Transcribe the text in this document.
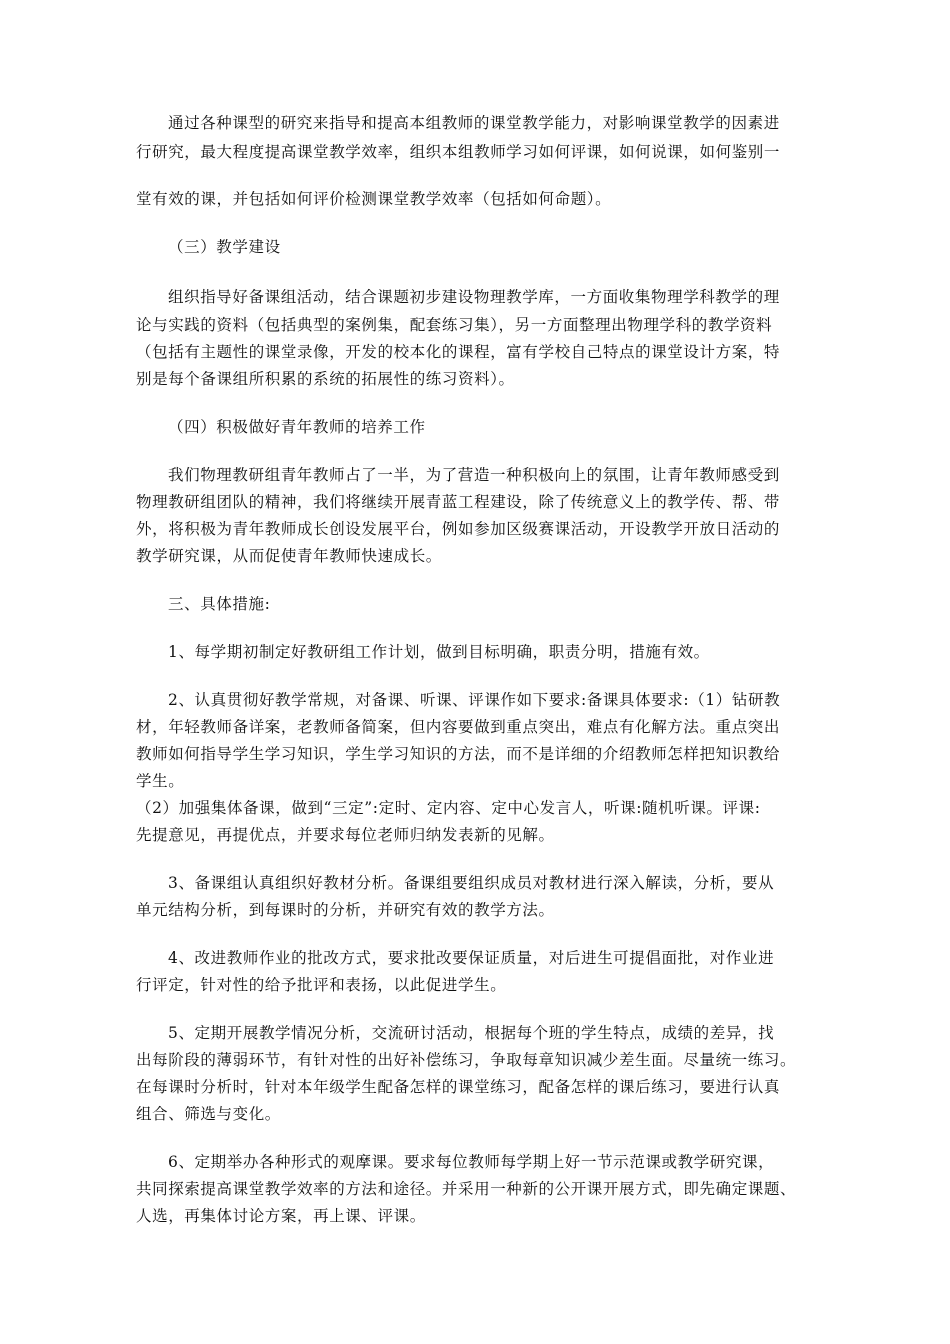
通过各种课型的研究来指导和提高本组教师的课堂教学能力，对影响课堂教学的因素进
行研究，最大程度提高课堂教学效率，组织本组教师学习如何评课，如何说课，如何鉴别一
堂有效的课，并包括如何评价检测课堂教学效率（包括如何命题）。
（三）教学建设
组织指导好备课组活动，结合课题初步建设物理教学库，一方面收集物理学科教学的理
论与实践的资料（包括典型的案例集，配套练习集），另一方面整理出物理学科的教学资料
（包括有主题性的课堂录像，开发的校本化的课程，富有学校自己特点的课堂设计方案，特
别是每个备课组所积累的系统的拓展性的练习资料）。
（四）积极做好青年教师的培养工作
我们物理教研组青年教师占了一半，为了营造一种积极向上的氛围，让青年教师感受到
物理教研组团队的精神，我们将继续开展青蓝工程建设，除了传统意义上的教学传、帮、带
外，将积极为青年教师成长创设发展平台，例如参加区级赛课活动，开设教学开放日活动的
教学研究课，从而促使青年教师快速成长。
三、具体措施:
1、每学期初制定好教研组工作计划，做到目标明确，职责分明，措施有效。
2、认真贯彻好教学常规，对备课、听课、评课作如下要求:备课具体要求:（1）钻研教
材，年轻教师备详案，老教师备简案，但内容要做到重点突出，难点有化解方法。重点突出
教师如何指导学生学习知识，学生学习知识的方法，而不是详细的介绍教师怎样把知识教给
学生。
（2）加强集体备课，做到“三定”:定时、定内容、定中心发言人，听课:随机听课。评课:
先提意见，再提优点，并要求每位老师归纳发表新的见解。
3、备课组认真组织好教材分析。备课组要组织成员对教材进行深入解读，分析，要从
单元结构分析，到每课时的分析，并研究有效的教学方法。
4、改进教师作业的批改方式，要求批改要保证质量，对后进生可提倡面批，对作业进
行评定，针对性的给予批评和表扬，以此促进学生。
5、定期开展教学情况分析，交流研讨活动，根据每个班的学生特点，成绩的差异，找
出每阶段的薄弱环节，有针对性的出好补偿练习，争取每章知识减少差生面。尽量统一练习。
在每课时分析时，针对本年级学生配备怎样的课堂练习，配备怎样的课后练习，要进行认真
组合、筛选与变化。
6、定期举办各种形式的观摩课。要求每位教师每学期上好一节示范课或教学研究课，
共同探索提高课堂教学效率的方法和途径。并采用一种新的公开课开展方式，即先确定课题、
人选，再集体讨论方案，再上课、评课。
